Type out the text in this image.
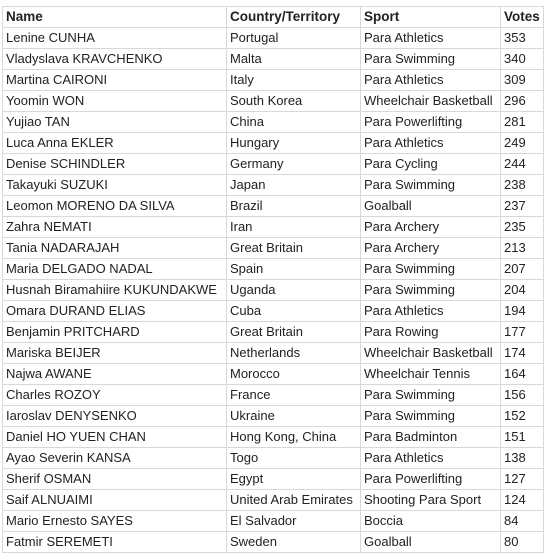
Name	Country/Territory	Sport	Votes
Lenine CUNHA	Portugal	Para Athletics	353
Vladyslava KRAVCHENKO	Malta	Para Swimming	340
Martina CAIRONI	Italy	Para Athletics	309
Yoomin WON	South Korea	Wheelchair Basketball	296
Yujiao TAN	China	Para Powerlifting	281
Luca Anna EKLER	Hungary	Para Athletics	249
Denise SCHINDLER	Germany	Para Cycling	244
Takayuki SUZUKI	Japan	Para Swimming	238
Leomon MORENO DA SILVA	Brazil	Goalball	237
Zahra NEMATI	Iran	Para Archery	235
Tania NADARAJAH	Great Britain	Para Archery	213
Maria DELGADO NADAL	Spain	Para Swimming	207
Husnah Biramahiire KUKUNDAKWE	Uganda	Para Swimming	204
Omara DURAND ELIAS	Cuba	Para Athletics	194
Benjamin PRITCHARD	Great Britain	Para Rowing	177
Mariska BEIJER	Netherlands	Wheelchair Basketball	174
Najwa AWANE	Morocco	Wheelchair Tennis	164
Charles ROZOY	France	Para Swimming	156
Iaroslav DENYSENKO	Ukraine	Para Swimming	152
Daniel HO YUEN CHAN	Hong Kong, China	Para Badminton	151
Ayao Severin KANSA	Togo	Para Athletics	138
Sherif OSMAN	Egypt	Para Powerlifting	127
Saif ALNUAIMI	United Arab Emirates	Shooting Para Sport	124
Mario Ernesto SAYES	El Salvador	Boccia	84
Fatmir SEREMETI	Sweden	Goalball	80
